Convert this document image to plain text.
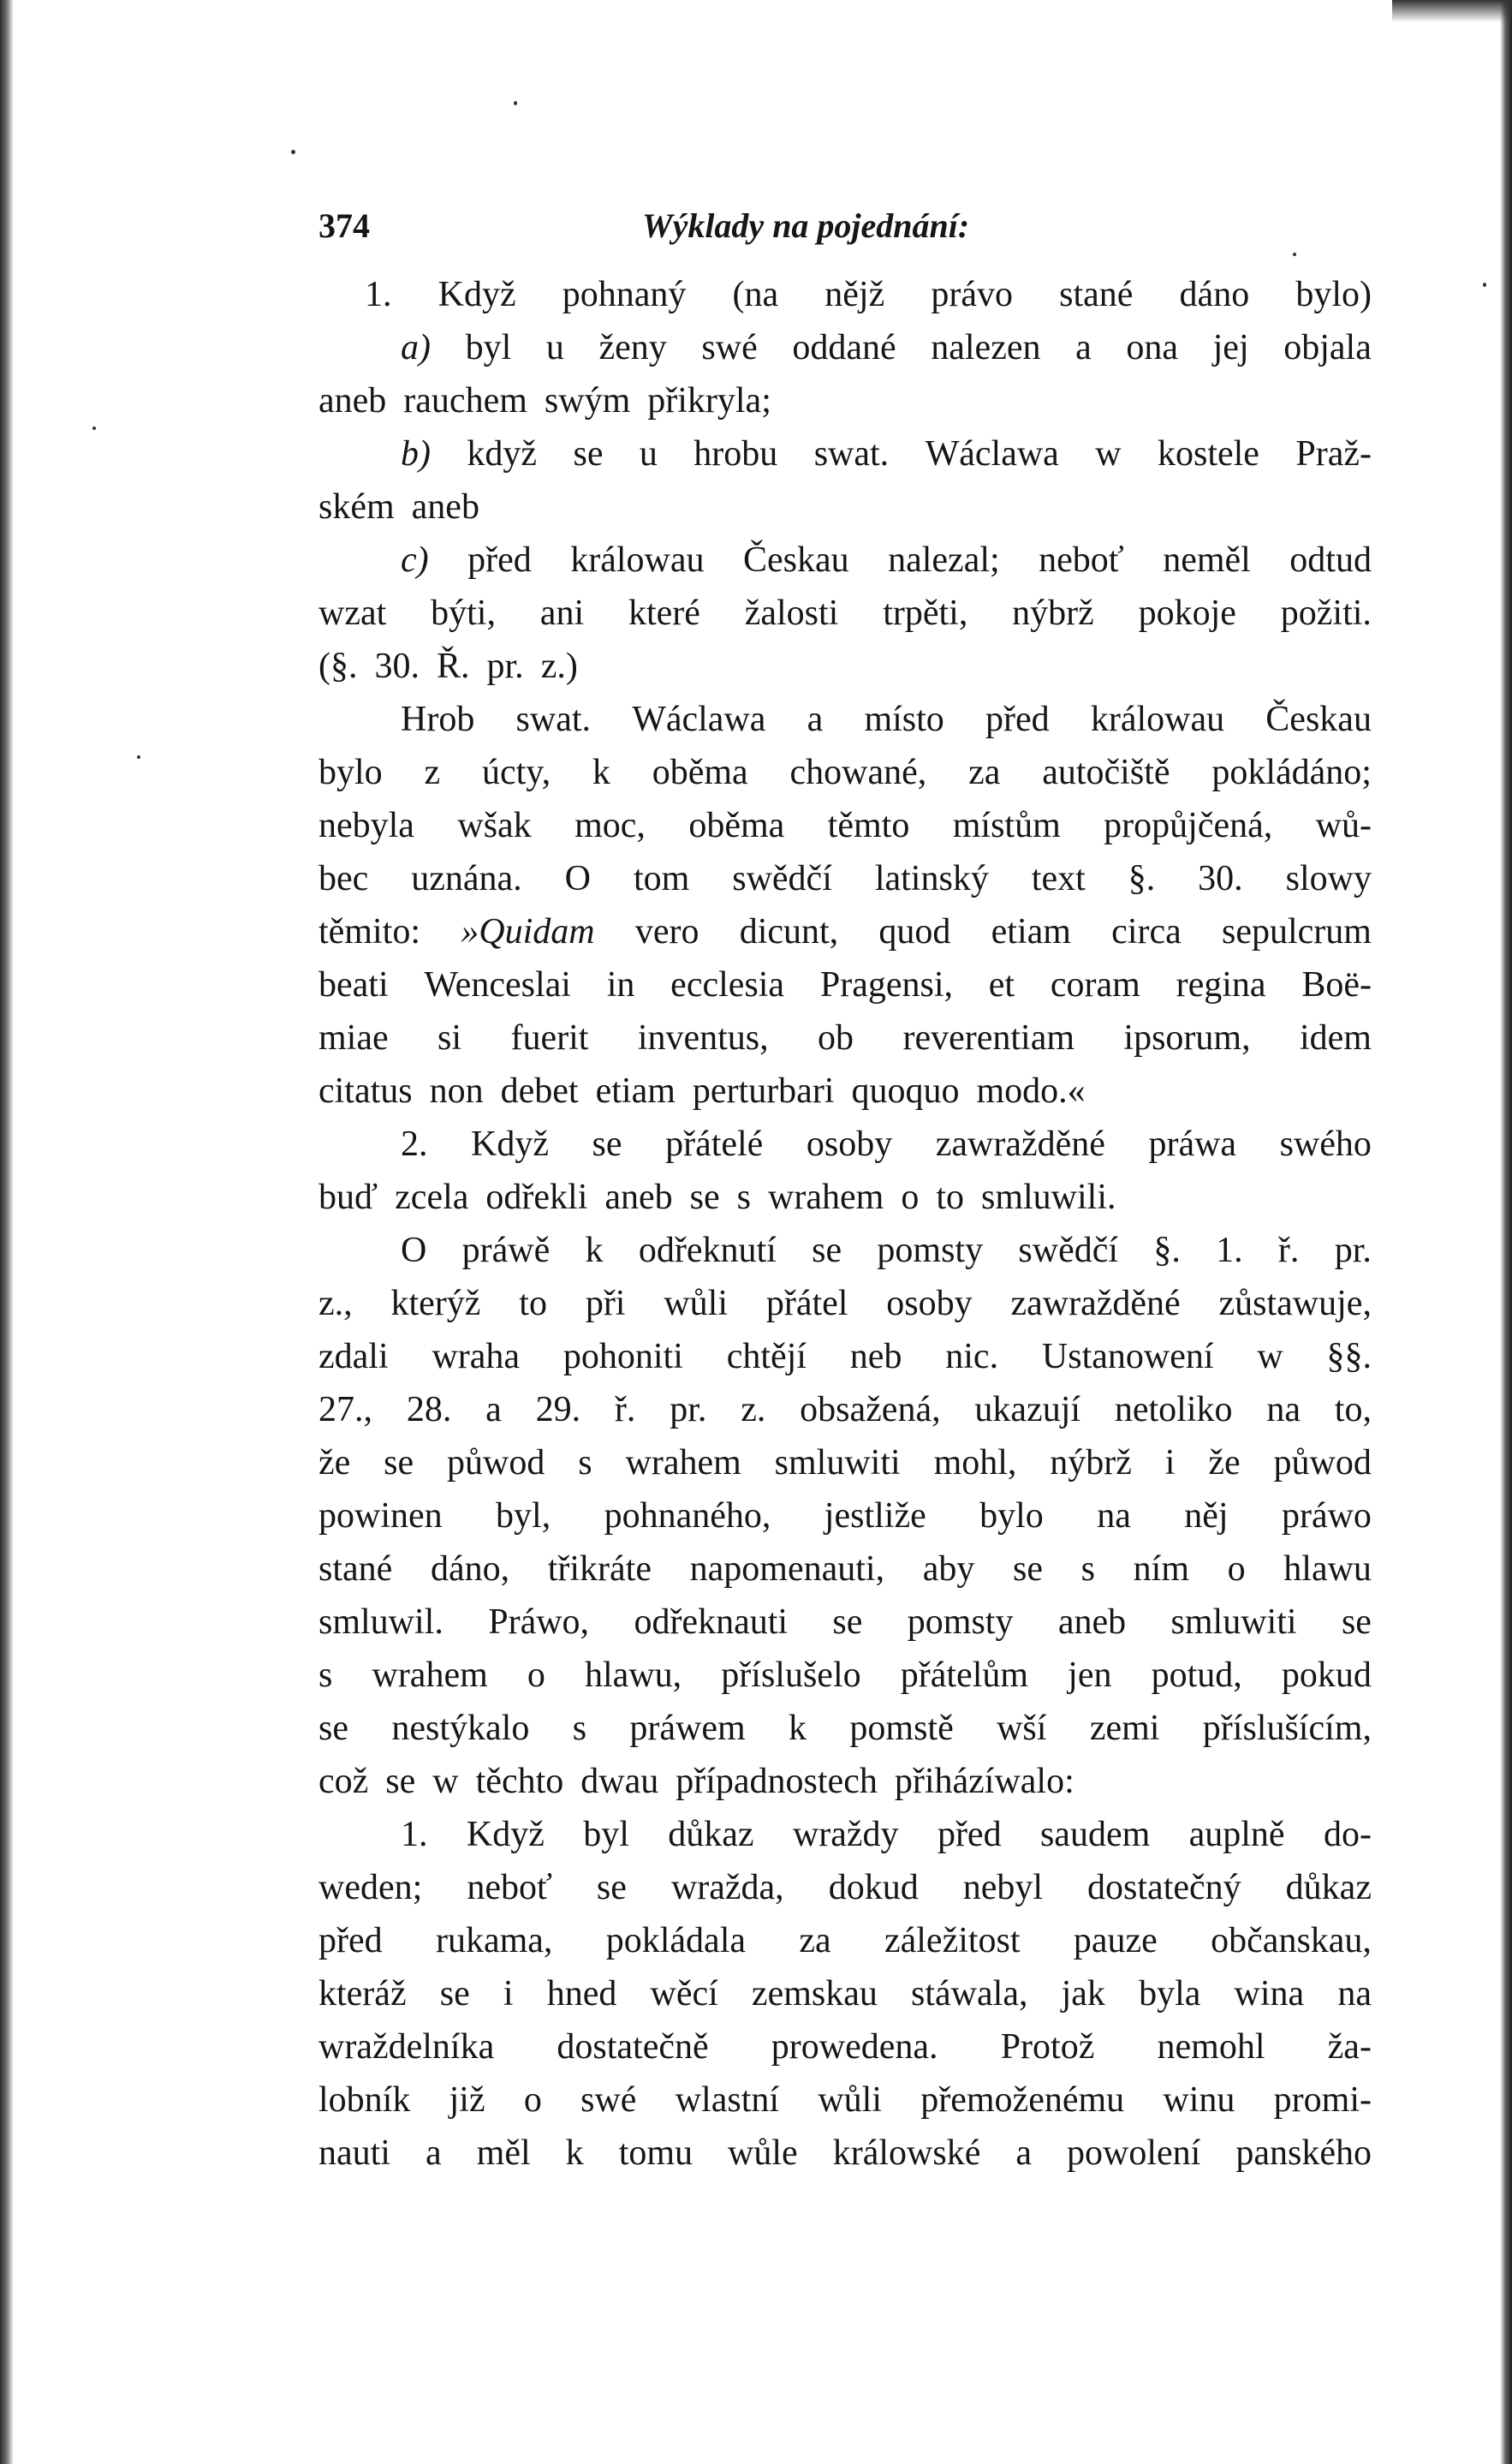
374	Wýklady na pojednání:
1. Když pohnaný (na nějž právo stané dáno bylo)
a) byl u ženy swé oddané nalezen a ona jej objala
aneb rauchem swým přikryla;
b) když se u hrobu swat. Wáclawa w kostele Praž-
ském aneb
c) před králowau Českau nalezal; neboť neměl odtud
wzat býti, ani které žalosti trpěti, nýbrž pokoje požiti.
(§. 30. Ř. pr. z.)
Hrob swat. Wáclawa a místo před králowau Českau
bylo z úcty, k oběma chowané, za autočiště pokládáno;
nebyla wšak moc, oběma těmto místům propůjčená, wů-
bec uznána. O tom swědčí latinský text §. 30. slowy
těmito: »Quidam vero dicunt, quod etiam circa sepulcrum
beati Wenceslai in ecclesia Pragensi, et coram regina Boë-
miae si fuerit inventus, ob reverentiam ipsorum, idem
citatus non debet etiam perturbari quoquo modo.«
2. Když se přátelé osoby zawražděné práwa swého
buď zcela odřekli aneb se s wrahem o to smluwili.
O práwě k odřeknutí se pomsty swědčí §. 1. ř. pr.
z., kterýž to při wůli přátel osoby zawražděné zůstawuje,
zdali wraha pohoniti chtějí neb nic. Ustanowení w §§.
27., 28. a 29. ř. pr. z. obsažená, ukazují netoliko na to,
že se půwod s wrahem smluwiti mohl, nýbrž i že půwod
powinen byl, pohnaného, jestliže bylo na něj práwo
stané dáno, třikráte napomenauti, aby se s ním o hlawu
smluwil. Práwo, odřeknauti se pomsty aneb smluwiti se
s wrahem o hlawu, příslušelo přátelům jen potud, pokud
se nestýkalo s práwem k pomstě wší zemi příslušícím,
což se w těchto dwau případnostech přiházíwalo:
1. Když byl důkaz wraždy před saudem auplně do-
weden; neboť se wražda, dokud nebyl dostatečný důkaz
před rukama, pokládala za záležitost pauze občanskau,
kteráž se i hned wěcí zemskau stáwala, jak byla wina na
wraždelníka dostatečně prowedena. Protož nemohl ža-
lobník již o swé wlastní wůli přemoženému winu promi-
nauti a měl k tomu wůle králowské a powolení panského
